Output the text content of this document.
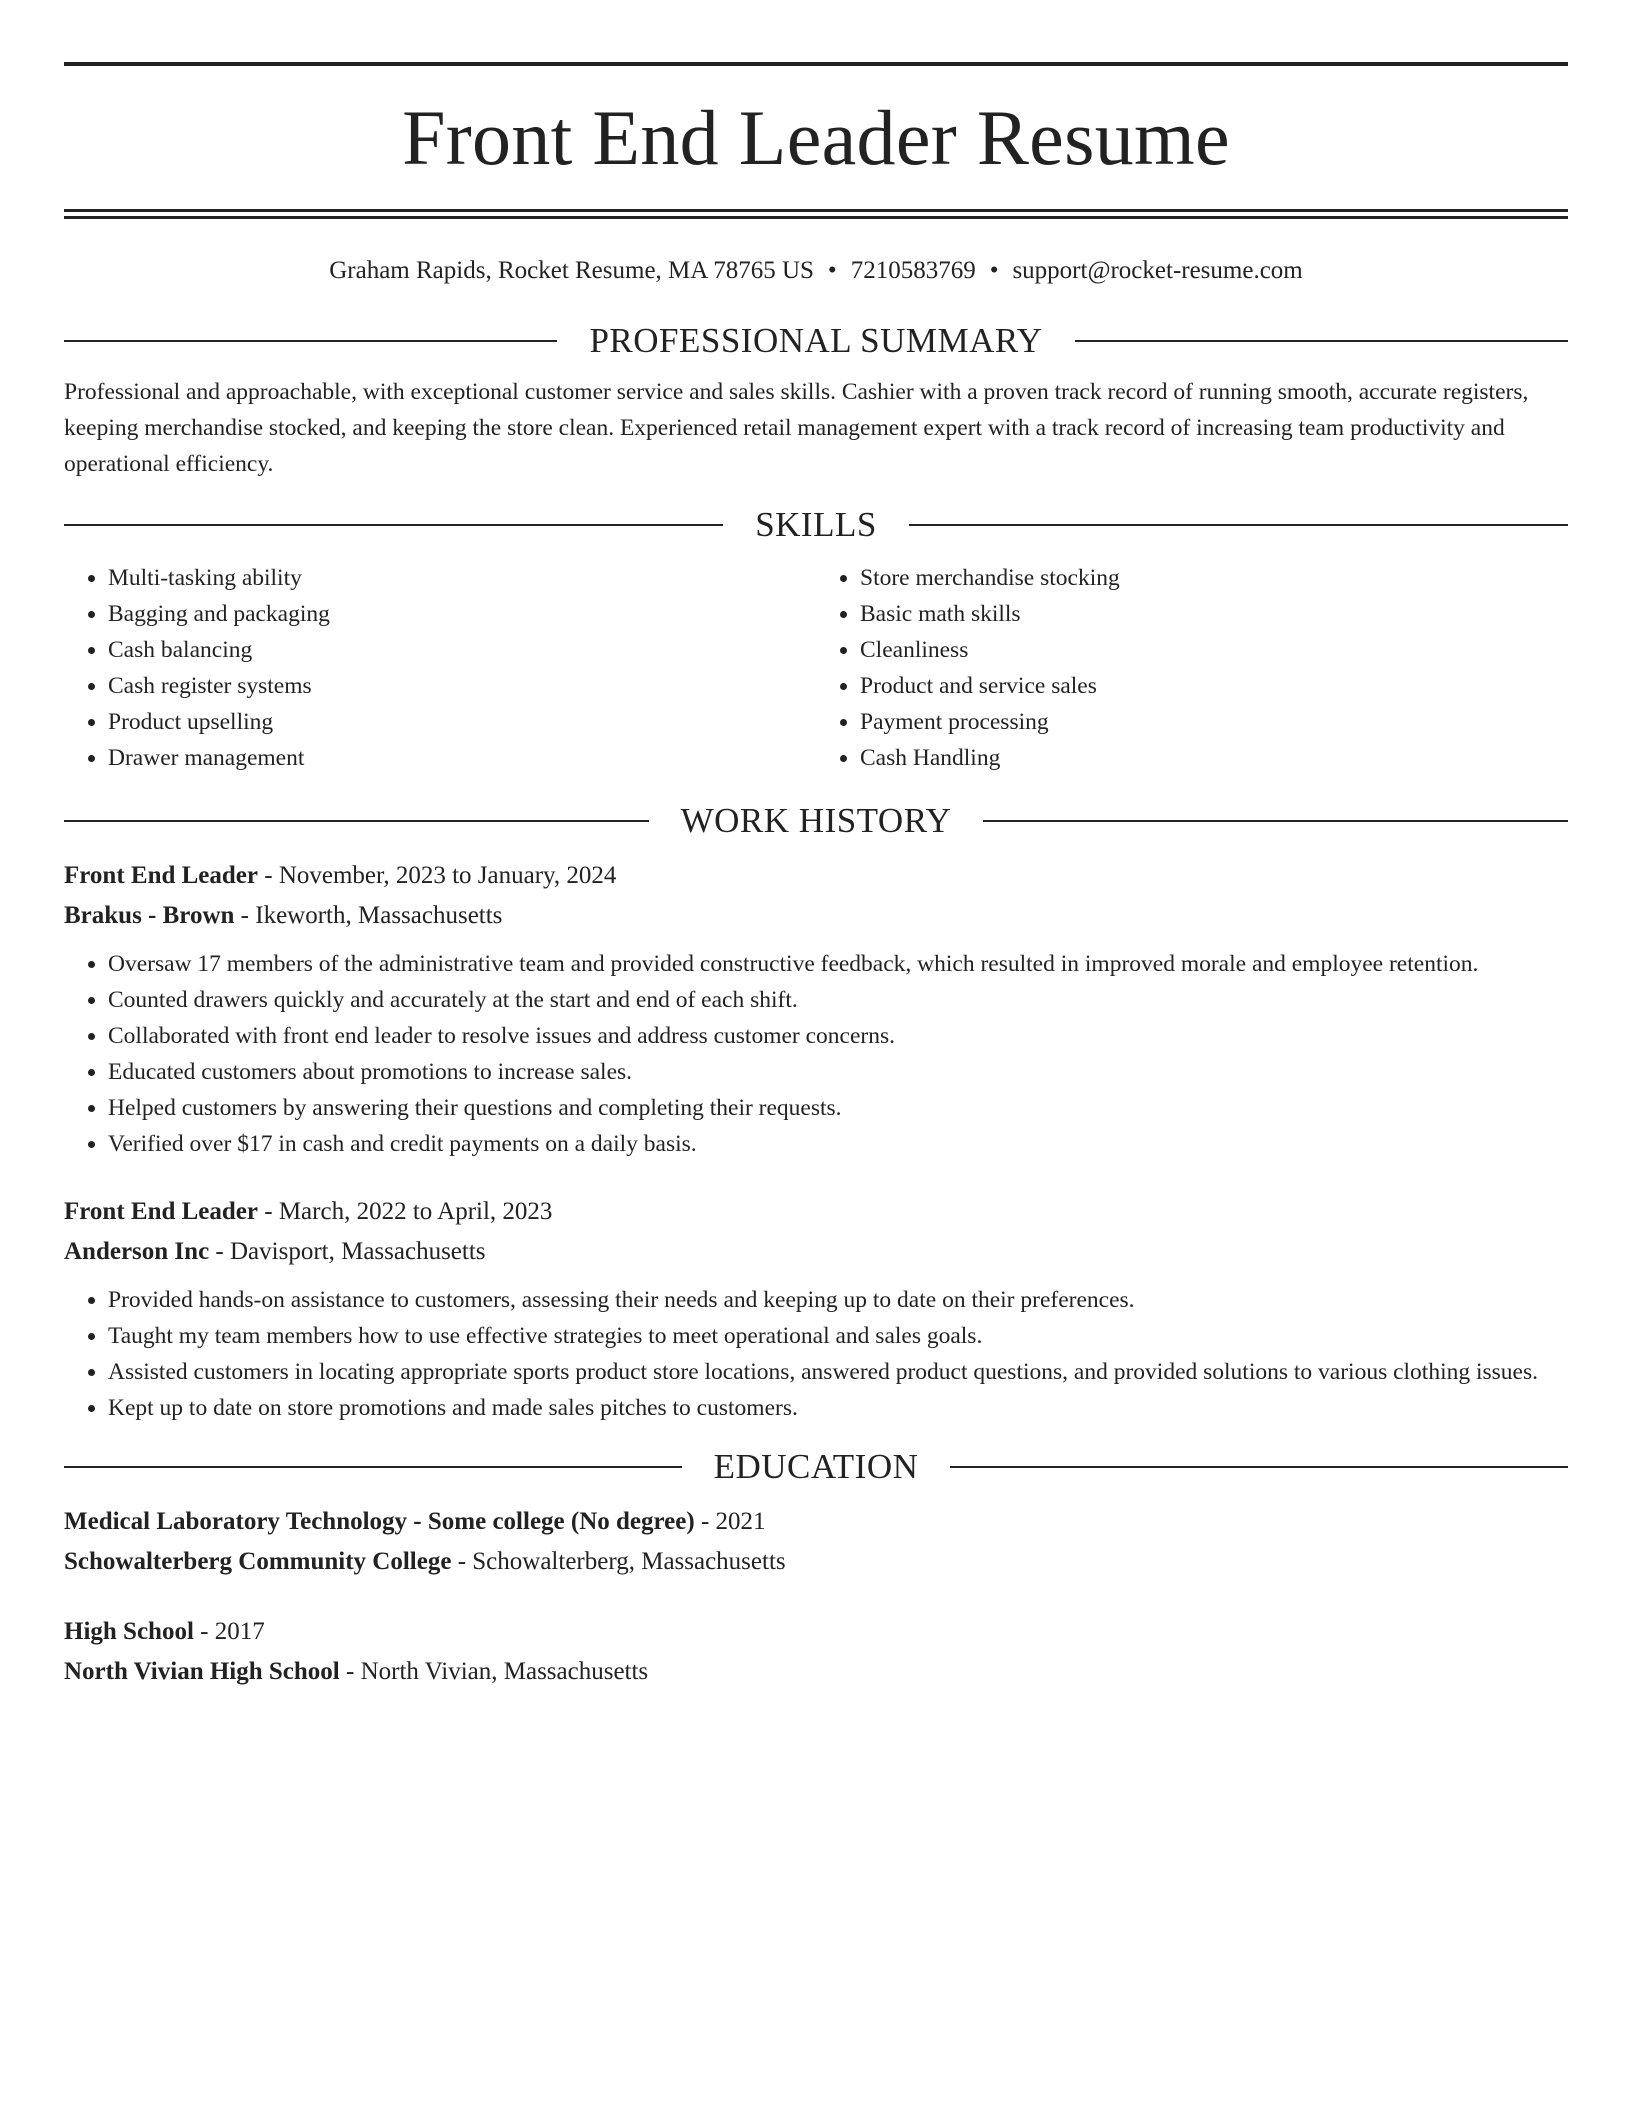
Front End Leader Resume
Graham Rapids, Rocket Resume, MA 78765 US • 7210583769 • support@rocket-resume.com
PROFESSIONAL SUMMARY

Professional and approachable, with exceptional customer service and sales skills. Cashier with a proven track record of running smooth, accurate registers, keeping merchandise stocked, and keeping the store clean. Experienced retail management expert with a track record of increasing team productivity and operational efficiency.

SKILLS
• Multi-tasking ability
• Bagging and packaging
• Cash balancing
• Cash register systems
• Product upselling
• Drawer management
• Store merchandise stocking
• Basic math skills
• Cleanliness
• Product and service sales
• Payment processing
• Cash Handling
WORK HISTORY
Front End Leader - November, 2023 to January, 2024
Brakus - Brown - Ikeworth, Massachusetts
• Oversaw 17 members of the administrative team and provided constructive feedback, which resulted in improved morale and employee retention.
• Counted drawers quickly and accurately at the start and end of each shift.
• Collaborated with front end leader to resolve issues and address customer concerns.
• Educated customers about promotions to increase sales.
• Helped customers by answering their questions and completing their requests.
• Verified over $17 in cash and credit payments on a daily basis.
Front End Leader - March, 2022 to April, 2023
Anderson Inc - Davisport, Massachusetts
• Provided hands-on assistance to customers, assessing their needs and keeping up to date on their preferences.
• Taught my team members how to use effective strategies to meet operational and sales goals.
• Assisted customers in locating appropriate sports product store locations, answered product questions, and provided solutions to various clothing issues.
• Kept up to date on store promotions and made sales pitches to customers.
EDUCATION
Medical Laboratory Technology - Some college (No degree) - 2021
Schowalterberg Community College - Schowalterberg, Massachusetts
High School - 2017
North Vivian High School - North Vivian, Massachusetts
